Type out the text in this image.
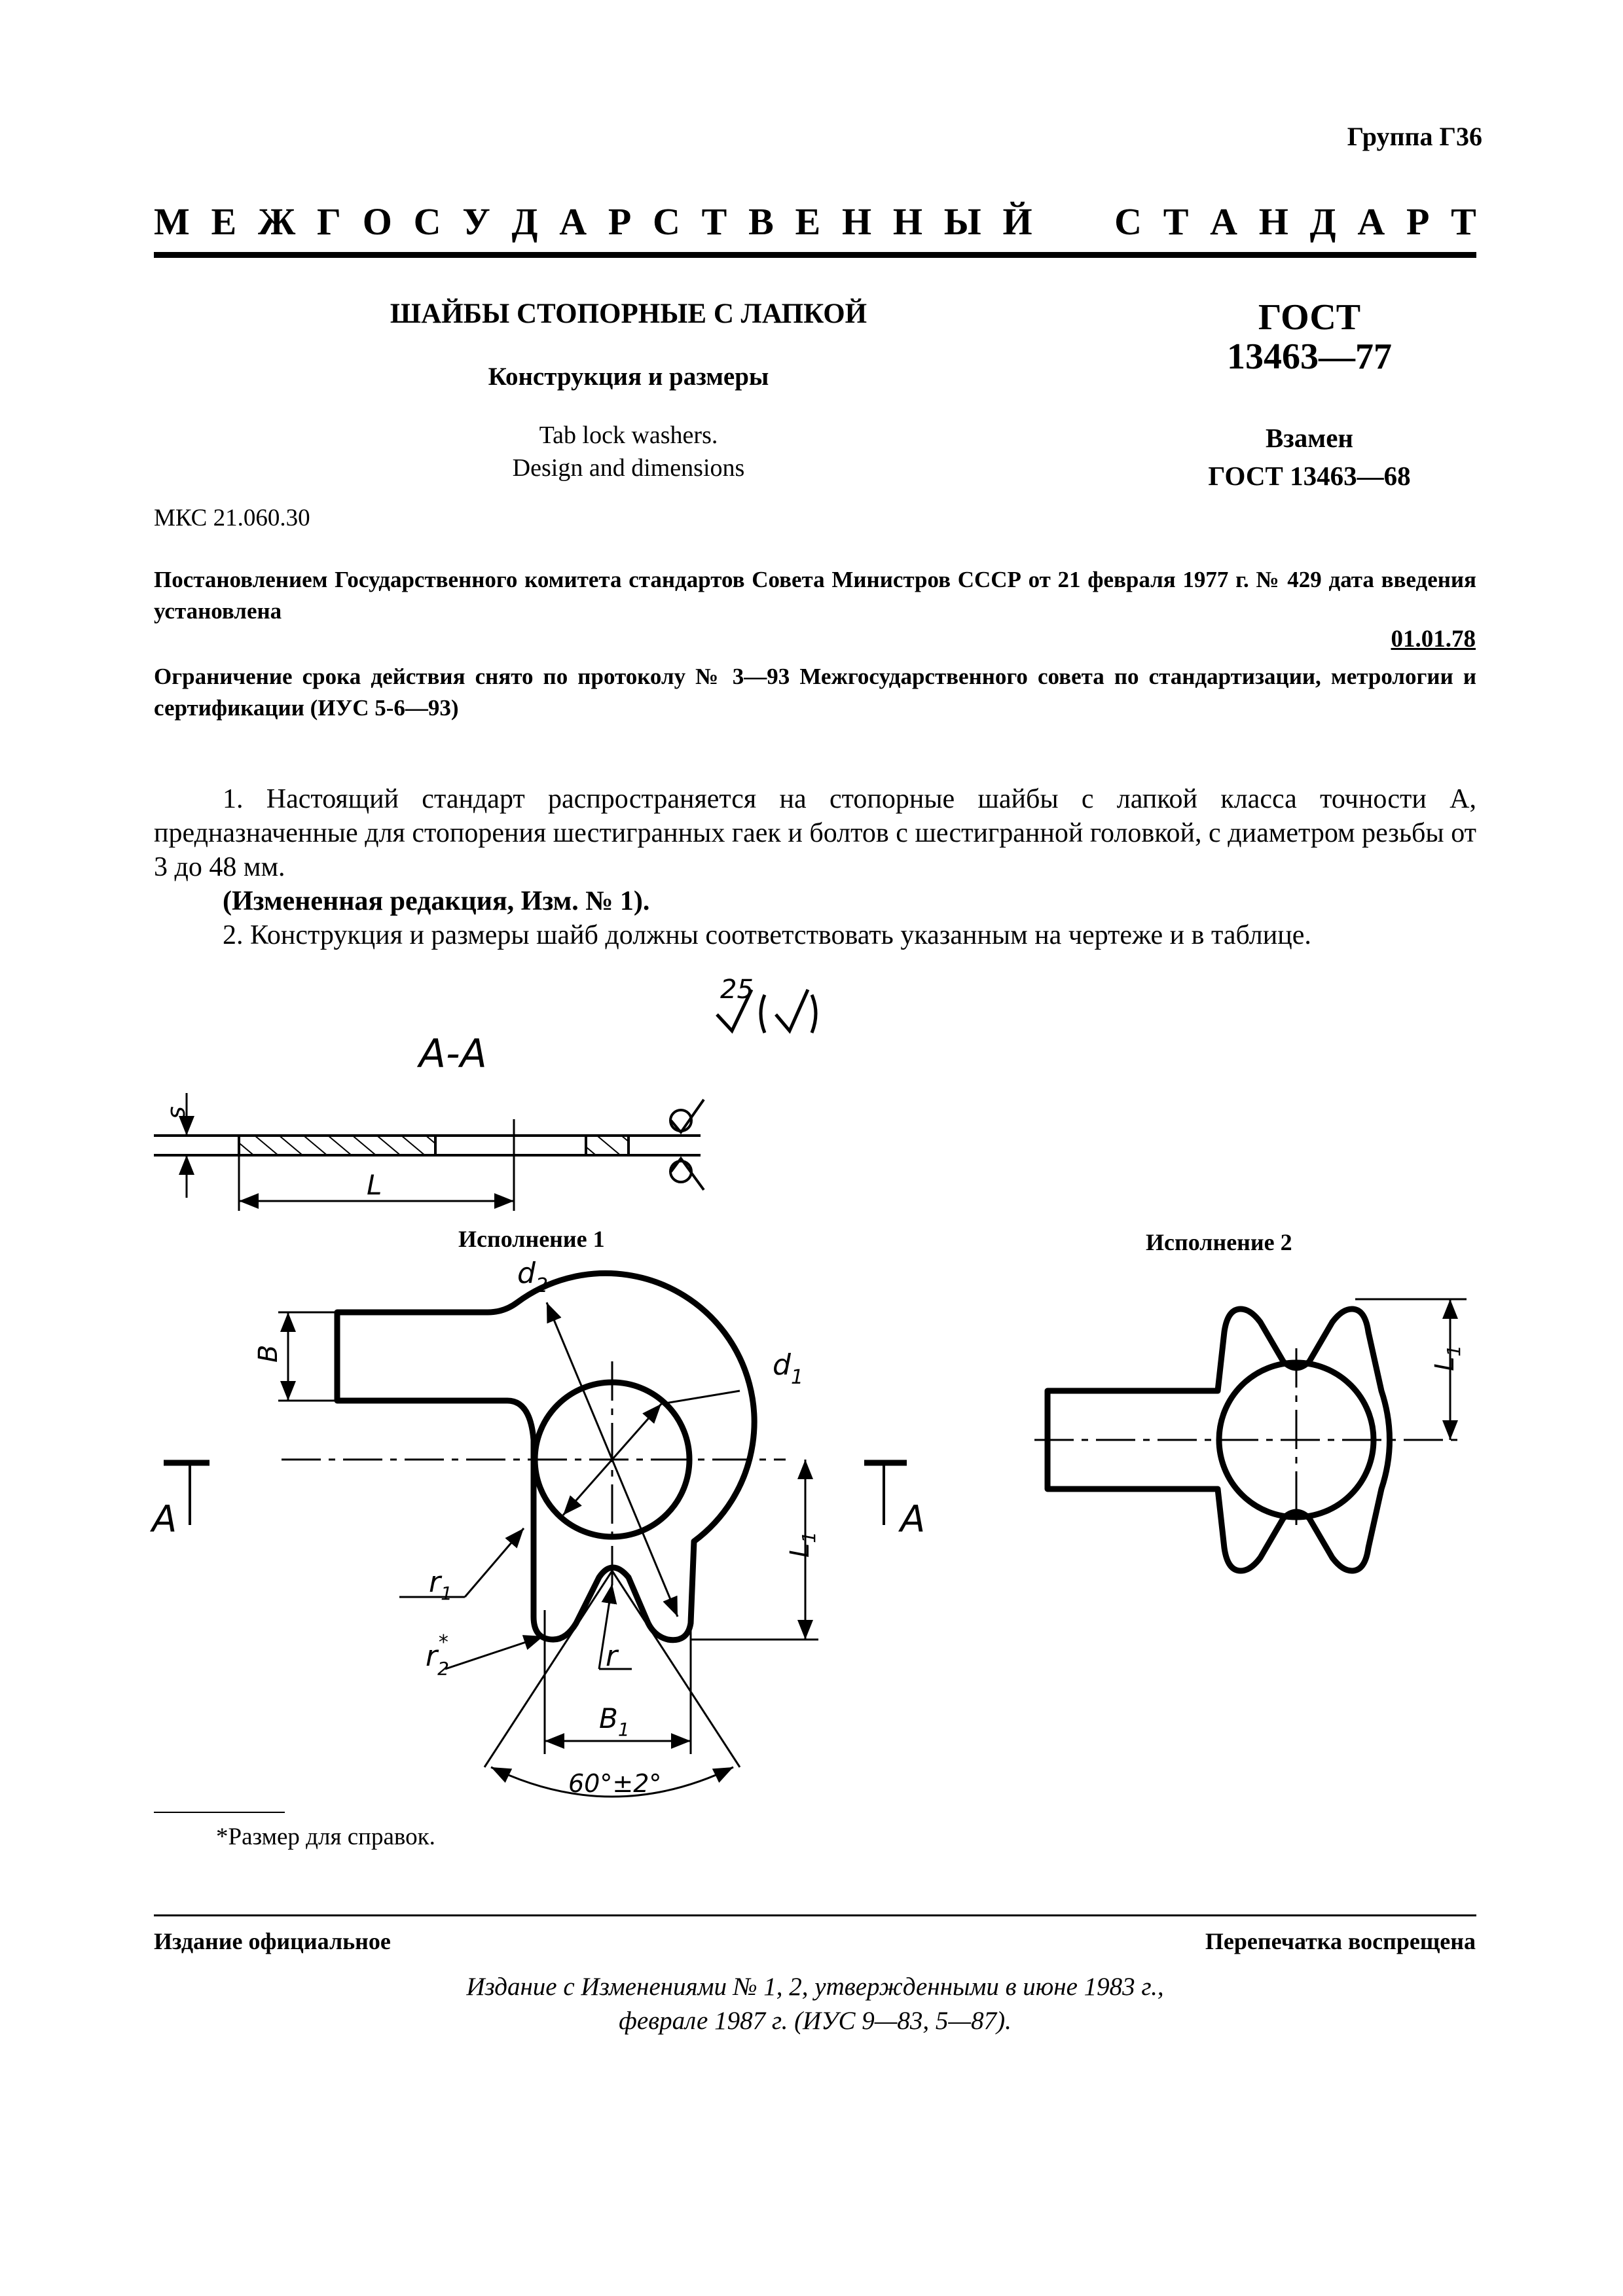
Группа Г36
М Е Ж Г О С У Д А Р С Т В Е Н Н Ы Й С Т А Н Д А Р Т
ШАЙБЫ СТОПОРНЫЕ С ЛАПКОЙ
Конструкция и размеры
Tab lock washers.
Design and dimensions
ГОСТ
13463—77
Взамен
ГОСТ 13463—68
МКС 21.060.30
Постановлением Государственного комитета стандартов Совета Министров СССР от 21 февраля 1977 г. № 429 дата введения установлена
01.01.78
Ограничение срока действия снято по протоколу № 3—93 Межгосударственного совета по стандартизации, метрологии и сертификации (ИУС 5-6—93)

1. Настоящий стандарт распространяется на стопорные шайбы с лапкой класса точности А, предназначенные для стопорения шестигранных гаек и болтов с шестигранной головкой, с диаметром резьбы от 3 до 48 мм.

(Измененная редакция, Изм. № 1).

2. Конструкция и размеры шайб должны соответствовать указанным на чертеже и в таблице.

25
А-А
L
s
Исполнение 1	Исполнение 2
$d_2$
$d_1$
B
$L_1$
$r_1$
$r_2*$	r
$B_1$
60°±2°
A	A
$L_1$
*Размер для справок.
Издание официальное	Перепечатка воспрещена
Издание с Изменениями № 1, 2, утвержденными в июне 1983 г.,
феврале 1987 г. (ИУС 9—83, 5—87).
